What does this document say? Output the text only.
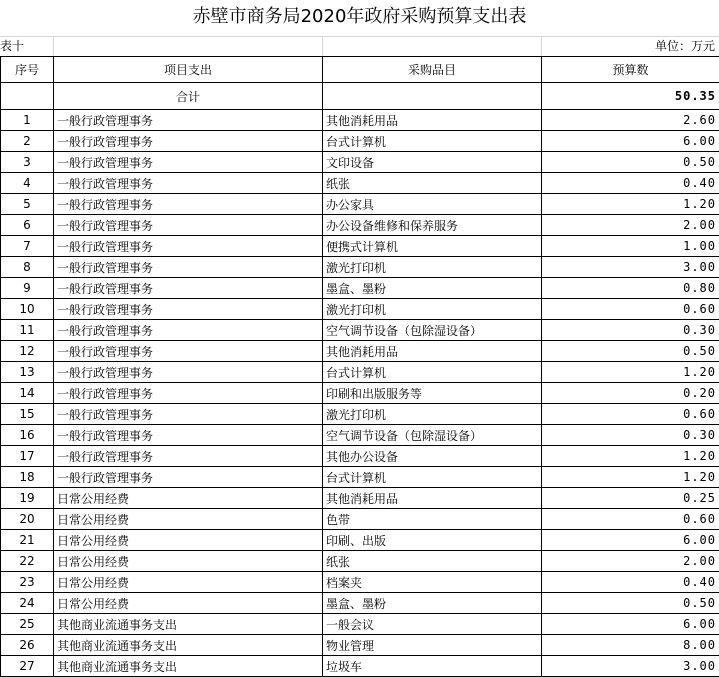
赤壁市商务局2020年政府采购预算支出表
表十	单位：万元
序号	项目支出	采购品目	预算数
	合计		50.35
1	一般行政管理事务	其他消耗用品	2.60
2	一般行政管理事务	台式计算机	6.00
3	一般行政管理事务	文印设备	0.50
4	一般行政管理事务	纸张	0.40
5	一般行政管理事务	办公家具	1.20
6	一般行政管理事务	办公设备维修和保养服务	2.00
7	一般行政管理事务	便携式计算机	1.00
8	一般行政管理事务	激光打印机	3.00
9	一般行政管理事务	墨盒、墨粉	0.80
10	一般行政管理事务	激光打印机	0.60
11	一般行政管理事务	空气调节设备（包除湿设备）	0.30
12	一般行政管理事务	其他消耗用品	0.50
13	一般行政管理事务	台式计算机	1.20
14	一般行政管理事务	印刷和出版服务等	0.20
15	一般行政管理事务	激光打印机	0.60
16	一般行政管理事务	空气调节设备（包除湿设备）	0.30
17	一般行政管理事务	其他办公设备	1.20
18	一般行政管理事务	台式计算机	1.20
19	日常公用经费	其他消耗用品	0.25
20	日常公用经费	色带	0.60
21	日常公用经费	印刷、出版	6.00
22	日常公用经费	纸张	2.00
23	日常公用经费	档案夹	0.40
24	日常公用经费	墨盒、墨粉	0.50
25	其他商业流通事务支出	一般会议	6.00
26	其他商业流通事务支出	物业管理	8.00
27	其他商业流通事务支出	垃圾车	3.00
